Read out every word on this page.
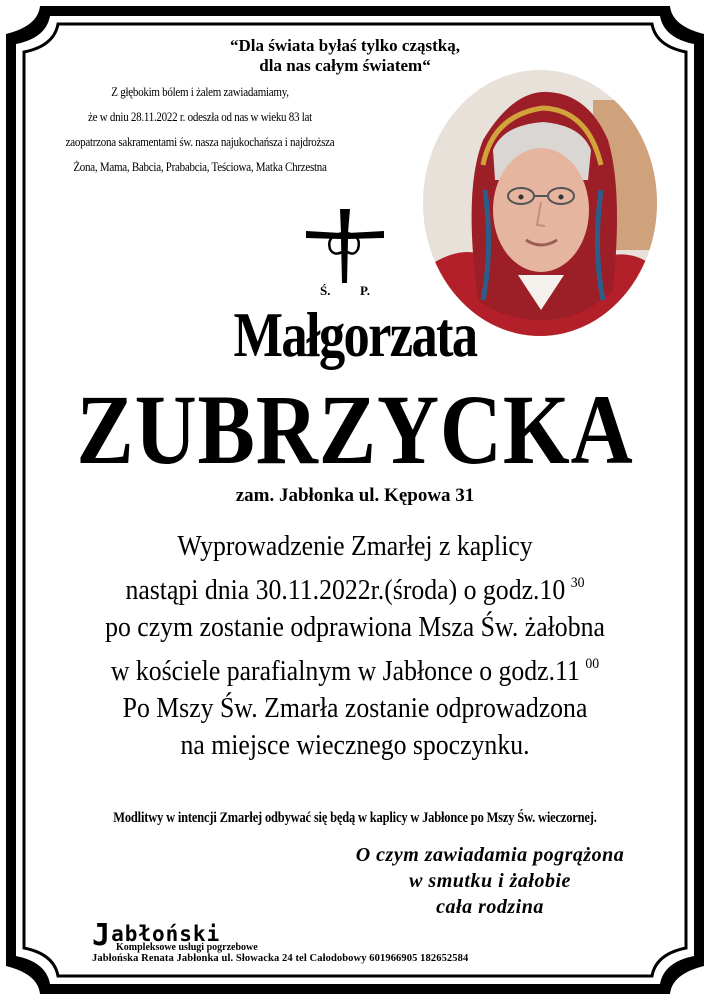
“Dla świata byłaś tylko cząstką,
dla nas całym światem“
Z głębokim bólem i żalem zawiadamiamy,
że w dniu 28.11.2022 r. odeszła od nas w wieku 83 lat
zaopatrzona sakramentami św. nasza najukochańsza i najdroższa
Żona, Mama, Babcia, Prababcia, Teściowa, Matka Chrzestna
Ś. P.
Małgorzata
ZUBRZYCKA
zam. Jabłonka ul. Kępowa 31
Wyprowadzenie Zmarłej z kaplicy
nastąpi dnia 30.11.2022r.(środa) o godz.10 $^{30}$
po czym zostanie odprawiona Msza Św. żałobna
w kościele parafialnym w Jabłonce o godz.11 $^{00}$
Po Mszy Św. Zmarła zostanie odprowadzona
na miejsce wiecznego spoczynku.
Modlitwy w intencji Zmarłej odbywać się będą w kaplicy w Jabłonce po Mszy Św. wieczornej.
O czym zawiadamia pogrążona
w smutku i żałobie
cała rodzina
Jabłoński
Kompleksowe usługi pogrzebowe
Jabłońska Renata Jabłonka ul. Słowacka 24 tel Całodobowy 601966905 182652584
